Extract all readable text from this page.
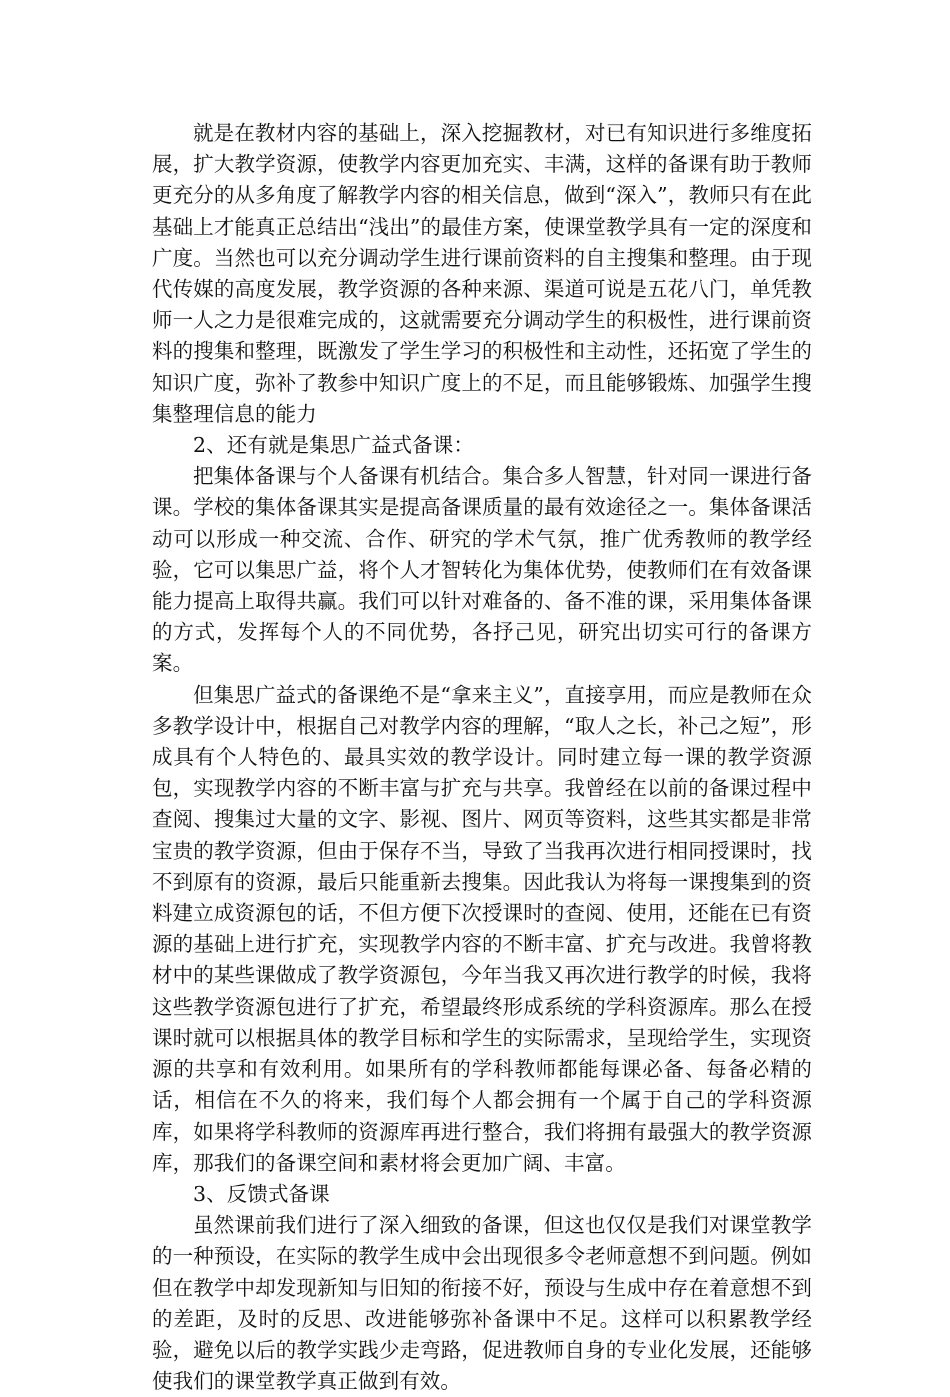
就是在教材内容的基础上，深入挖掘教材，对已有知识进行多维度拓展，扩大教学资源，使教学内容更加充实、丰满，这样的备课有助于教师更充分的从多角度了解教学内容的相关信息，做到“深入”，教师只有在此基础上才能真正总结出“浅出”的最佳方案，使课堂教学具有一定的深度和广度。当然也可以充分调动学生进行课前资料的自主搜集和整理。由于现代传媒的高度发展，教学资源的各种来源、渠道可说是五花八门，单凭教师一人之力是很难完成的，这就需要充分调动学生的积极性，进行课前资料的搜集和整理，既激发了学生学习的积极性和主动性，还拓宽了学生的知识广度，弥补了教参中知识广度上的不足，而且能够锻炼、加强学生搜集整理信息的能力

2、还有就是集思广益式备课：

把集体备课与个人备课有机结合。集合多人智慧，针对同一课进行备课。学校的集体备课其实是提高备课质量的最有效途径之一。集体备课活动可以形成一种交流、合作、研究的学术气氛，推广优秀教师的教学经验，它可以集思广益，将个人才智转化为集体优势，使教师们在有效备课能力提高上取得共赢。我们可以针对难备的、备不准的课，采用集体备课的方式，发挥每个人的不同优势，各抒己见，研究出切实可行的备课方案。

但集思广益式的备课绝不是“拿来主义”，直接享用，而应是教师在众多教学设计中，根据自己对教学内容的理解，“取人之长，补己之短”，形成具有个人特色的、最具实效的教学设计。同时建立每一课的教学资源包，实现教学内容的不断丰富与扩充与共享。我曾经在以前的备课过程中查阅、搜集过大量的文字、影视、图片、网页等资料，这些其实都是非常宝贵的教学资源，但由于保存不当，导致了当我再次进行相同授课时，找不到原有的资源，最后只能重新去搜集。因此我认为将每一课搜集到的资料建立成资源包的话，不但方便下次授课时的查阅、使用，还能在已有资源的基础上进行扩充，实现教学内容的不断丰富、扩充与改进。我曾将教材中的某些课做成了教学资源包，今年当我又再次进行教学的时候，我将这些教学资源包进行了扩充，希望最终形成系统的学科资源库。那么在授课时就可以根据具体的教学目标和学生的实际需求，呈现给学生，实现资源的共享和有效利用。如果所有的学科教师都能每课必备、每备必精的话，相信在不久的将来，我们每个人都会拥有一个属于自己的学科资源库，如果将学科教师的资源库再进行整合，我们将拥有最强大的教学资源库，那我们的备课空间和素材将会更加广阔、丰富。

3、反馈式备课

虽然课前我们进行了深入细致的备课，但这也仅仅是我们对课堂教学的一种预设，在实际的教学生成中会出现很多令老师意想不到问题。例如但在教学中却发现新知与旧知的衔接不好，预设与生成中存在着意想不到的差距，及时的反思、改进能够弥补备课中不足。这样可以积累教学经验，避免以后的教学实践少走弯路，促进教师自身的专业化发展，还能够使我们的课堂教学真正做到有效。
